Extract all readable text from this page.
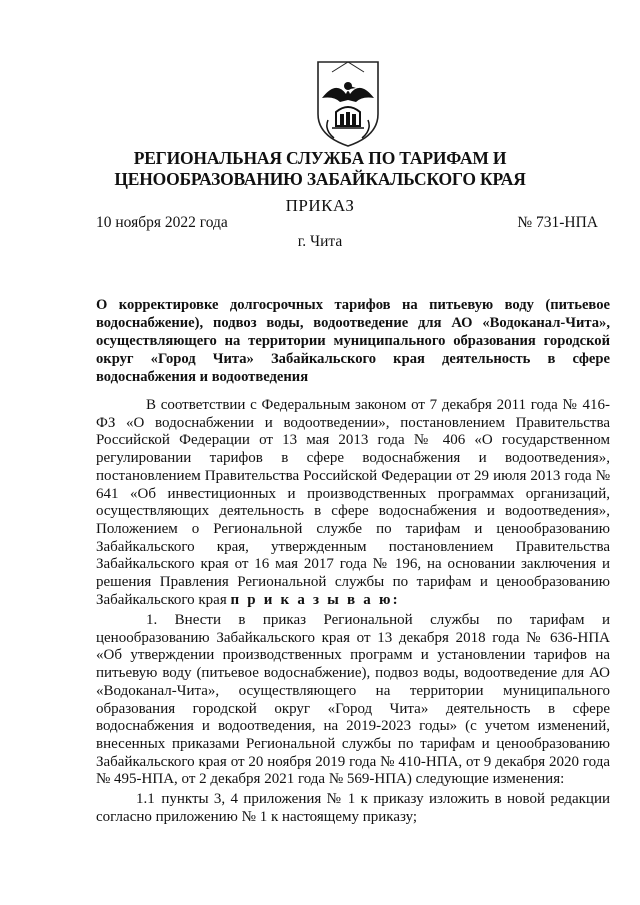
РЕГИОНАЛЬНАЯ СЛУЖБА ПО ТАРИФАМ И
ЦЕНООБРАЗОВАНИЮ ЗАБАЙКАЛЬСКОГО КРАЯ
ПРИКАЗ
10 ноября 2022 года	№ 731-НПА
г. Чита
О корректировке долгосрочных тарифов на питьевую воду (питьевое водоснабжение), подвоз воды, водоотведение для АО «Водоканал-Чита», осуществляющего на территории муниципального образования городской округ «Город Чита» Забайкальского края деятельность в сфере водоснабжения и водоотведения

В соответствии с Федеральным законом от 7 декабря 2011 года № 416-ФЗ «О водоснабжении и водоотведении», постановлением Правительства Российской Федерации от 13 мая 2013 года № 406 «О государственном регулировании тарифов в сфере водоснабжения и водоотведения», постановлением Правительства Российской Федерации от 29 июля 2013 года № 641 «Об инвестиционных и производственных программах организаций, осуществляющих деятельность в сфере водоснабжения и водоотведения», Положением о Региональной службе по тарифам и ценообразованию Забайкальского края, утвержденным постановлением Правительства Забайкальского края от 16 мая 2017 года № 196, на основании заключения и решения Правления Региональной службы по тарифам и ценообразованию Забайкальского края п р и к а з ы в а ю:

1. Внести в приказ Региональной службы по тарифам и ценообразованию Забайкальского края от 13 декабря 2018 года № 636-НПА «Об утверждении производственных программ и установлении тарифов на питьевую воду (питьевое водоснабжение), подвоз воды, водоотведение для АО «Водоканал-Чита», осуществляющего на территории муниципального образования городской округ «Город Чита» деятельность в сфере водоснабжения и водоотведения, на 2019-2023 годы» (с учетом изменений, внесенных приказами Региональной службы по тарифам и ценообразованию Забайкальского края от 20 ноября 2019 года № 410-НПА, от 9 декабря 2020 года № 495-НПА, от 2 декабря 2021 года № 569-НПА) следующие изменения:

1.1 пункты 3, 4 приложения № 1 к приказу изложить в новой редакции согласно приложению № 1 к настоящему приказу;
